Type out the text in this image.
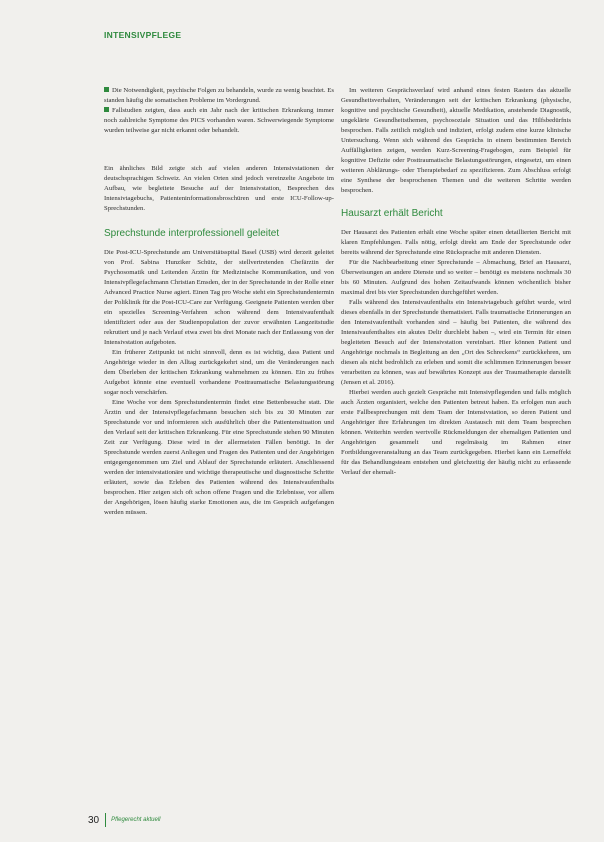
INTENSIVPFLEGE

Die Notwendigkeit, psychische Folgen zu behandeln, wurde zu wenig beachtet. Es standen häufig die somatischen Probleme im Vordergrund.

Fallstudien zeigten, dass auch ein Jahr nach der kritischen Erkrankung immer noch zahlreiche Symptome des PICS vorhanden waren. Schwerwiegende Symptome wurden teilweise gar nicht erkannt oder behandelt.

Ein ähnliches Bild zeigte sich auf vielen anderen Intensivstationen der deutschsprachigen Schweiz. An vielen Orten sind jedoch vereinzelte Angebote im Aufbau, wie begleitete Besuche auf der Intensivstation, Besprechen des Intensivtagebuchs, Patienteninformationsbroschüren und erste ICU-Follow-up-Sprechstunden.

Sprechstunde interprofessionell geleitet

Die Post-ICU-Sprechstunde am Universitätsspital Basel (USB) wird derzeit geleitet von Prof. Sabina Hunziker Schütz, der stellvertretenden Chefärztin der Psychosomatik und Leitenden Ärztin für Medizinische Kommunikation, und von Intensivpflegefachmann Christian Emsden, der in der Sprechstunde in der Rolle einer Advanced Practice Nurse agiert. Einen Tag pro Woche steht ein Sprechstundentermin der Poliklinik für die Post-ICU-Care zur Verfügung. Geeignete Patienten werden über ein spezielles Screening-Verfahren schon während dem Intensivaufenthalt identifiziert oder aus der Studienpopulation der zuvor erwähnten Langzeitstudie rekrutiert und je nach Verlauf etwa zwei bis drei Monate nach der Entlassung von der Intensivstation aufgeboten.

Ein früherer Zeitpunkt ist nicht sinnvoll, denn es ist wichtig, dass Patient und Angehörige wieder in den Alltag zurückgekehrt sind, um die Veränderungen nach dem Überleben der kritischen Erkrankung wahrnehmen zu können. Ein zu frühes Aufgebot könnte eine eventuell vorhandene Posttraumatische Belastungsstörung sogar noch verschärfen.

Eine Woche vor dem Sprechstundentermin findet eine Bettenbesuche statt. Die Ärztin und der Intensivpflegefachmann besuchen sich bis zu 30 Minuten zur Sprechstunde vor und informieren sich ausführlich über die Patientensituation und den Verlauf seit der kritischen Erkrankung. Für eine Sprechstunde stehen 90 Minuten Zeit zur Verfügung. Diese wird in der allermeisten Fällen benötigt. In der Sprechstunde werden zuerst Anliegen und Fragen des Patienten und der Angehörigen entgegengenommen um Ziel und Ablauf der Sprechstunde erläutert. Anschliessend werden der intensivstationäre und wichtige therapeutische und diagnostische Schritte erläutert, sowie das Erleben des Patienten während des Intensivaufenthalts besprochen. Hier zeigen sich oft schon offene Fragen und die Erlebnisse, vor allem der Angehörigen, lösen häufig starke Emotionen aus, die im Gespräch aufgefangen werden müssen.

Im weiteren Gesprächsverlauf wird anhand eines festen Rasters das aktuelle Gesundheitsverhalten, Veränderungen seit der kritischen Erkrankung (physische, kognitive und psychische Gesundheit), aktuelle Medikation, anstehende Diagnostik, ungeklärte Gesundheitsthemen, psychosoziale Situation und das Hilfsbedürfnis besprochen. Falls zeitlich möglich und indiziert, erfolgt zudem eine kurze klinische Untersuchung. Wenn sich während des Gesprächs in einem bestimmten Bereich Auffälligkeiten zeigen, werden Kurz-Screening-Fragebogen, zum Beispiel für kognitive Defizite oder Posttraumatische Belastungsstörungen, eingesetzt, um einen weiteren Abklärungs- oder Therapiebedarf zu spezifizieren. Zum Abschluss erfolgt eine Synthese der besprochenen Themen und die weiteren Schritte werden besprochen.

Hausarzt erhält Bericht

Der Hausarzt des Patienten erhält eine Woche später einen detaillierten Bericht mit klaren Empfehlungen. Falls nötig, erfolgt direkt am Ende der Sprechstunde oder bereits während der Sprechstunde eine Rücksprache mit anderen Diensten.

Für die Nachbearbeitung einer Sprechstunde – Abmachung, Brief an Hausarzt, Überweisungen an andere Dienste und so weiter – benötigt es meistens nochmals 30 bis 60 Minuten. Aufgrund des hohen Zeitaufwands können wöchentlich bisher maximal drei bis vier Sprechstunden durchgeführt werden.

Falls während des Intensivaufenthalts ein Intensivtagebuch geführt wurde, wird dieses ebenfalls in der Sprechstunde thematisiert. Falls traumatische Erinnerungen an den Intensivaufenthalt vorhanden sind – häufig bei Patienten, die während des Intensivaufenthaltes ein akutes Delir durchlebt haben –, wird ein Termin für einen begleiteten Besuch auf der Intensivstation vereinbart. Hier können Patient und Angehörige nochmals in Begleitung an den „Ort des Schreckens“ zurückkehren, um diesen als nicht bedrohlich zu erleben und somit die schlimmen Erinnerungen besser verarbeiten zu können, was auf bewährtes Konzept aus der Traumatherapie darstellt (Jensen et al. 2016).

Hierbei werden auch gezielt Gespräche mit Intensivpflegenden und falls möglich auch Ärzten organisiert, welche den Patienten betreut haben. Es erfolgen nun auch erste Fallbesprechungen mit dem Team der Intensivstation, so deren Patient und Angehöriger ihre Erfahrungen im direkten Austausch mit dem Team besprechen können. Weiterhin werden wertvolle Rückmeldungen der ehemaligen Patienten und Angehörigen gesammelt und regelmässig im Rahmen einer Fortbildungsveranstaltung an das Team zurückgegeben. Hierbei kann ein Lerneffekt für das Behandlungsteam entstehen und gleichzeitig der häufig nicht zu erfassende Verlauf der ehemali-

30 Pflegerecht aktuell
